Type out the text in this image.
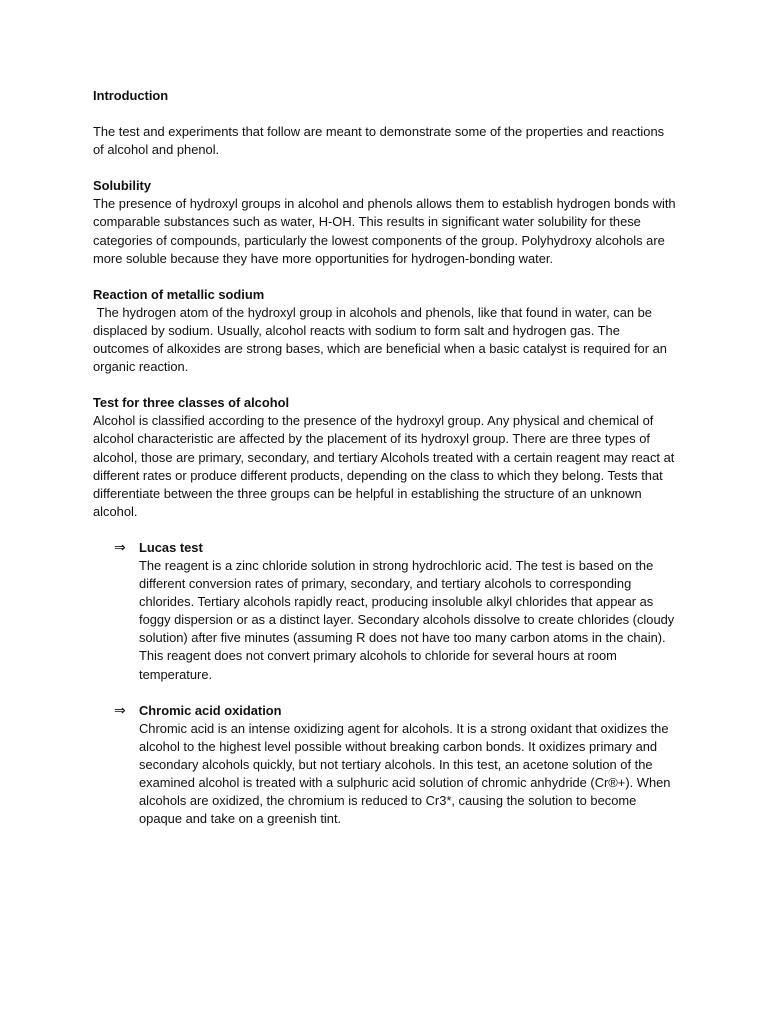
Introduction

The test and experiments that follow are meant to demonstrate some of the properties and reactions of alcohol and phenol.

Solubility

The presence of hydroxyl groups in alcohol and phenols allows them to establish hydrogen bonds with comparable substances such as water, H-OH. This results in significant water solubility for these categories of compounds, particularly the lowest components of the group. Polyhydroxy alcohols are more soluble because they have more opportunities for hydrogen-bonding water.

Reaction of metallic sodium

The hydrogen atom of the hydroxyl group in alcohols and phenols, like that found in water, can be displaced by sodium. Usually, alcohol reacts with sodium to form salt and hydrogen gas. The outcomes of alkoxides are strong bases, which are beneficial when a basic catalyst is required for an organic reaction.

Test for three classes of alcohol

Alcohol is classified according to the presence of the hydroxyl group. Any physical and chemical of alcohol characteristic are affected by the placement of its hydroxyl group. There are three types of alcohol, those are primary, secondary, and tertiary Alcohols treated with a certain reagent may react at different rates or produce different products, depending on the class to which they belong. Tests that differentiate between the three groups can be helpful in establishing the structure of an unknown alcohol.

⇒ Lucas test

The reagent is a zinc chloride solution in strong hydrochloric acid. The test is based on the different conversion rates of primary, secondary, and tertiary alcohols to corresponding chlorides. Tertiary alcohols rapidly react, producing insoluble alkyl chlorides that appear as foggy dispersion or as a distinct layer. Secondary alcohols dissolve to create chlorides (cloudy solution) after five minutes (assuming R does not have too many carbon atoms in the chain). This reagent does not convert primary alcohols to chloride for several hours at room temperature.

⇒ Chromic acid oxidation

Chromic acid is an intense oxidizing agent for alcohols. It is a strong oxidant that oxidizes the alcohol to the highest level possible without breaking carbon bonds. It oxidizes primary and secondary alcohols quickly, but not tertiary alcohols. In this test, an acetone solution of the examined alcohol is treated with a sulphuric acid solution of chromic anhydride (Cr®+). When alcohols are oxidized, the chromium is reduced to Cr3*, causing the solution to become opaque and take on a greenish tint.
